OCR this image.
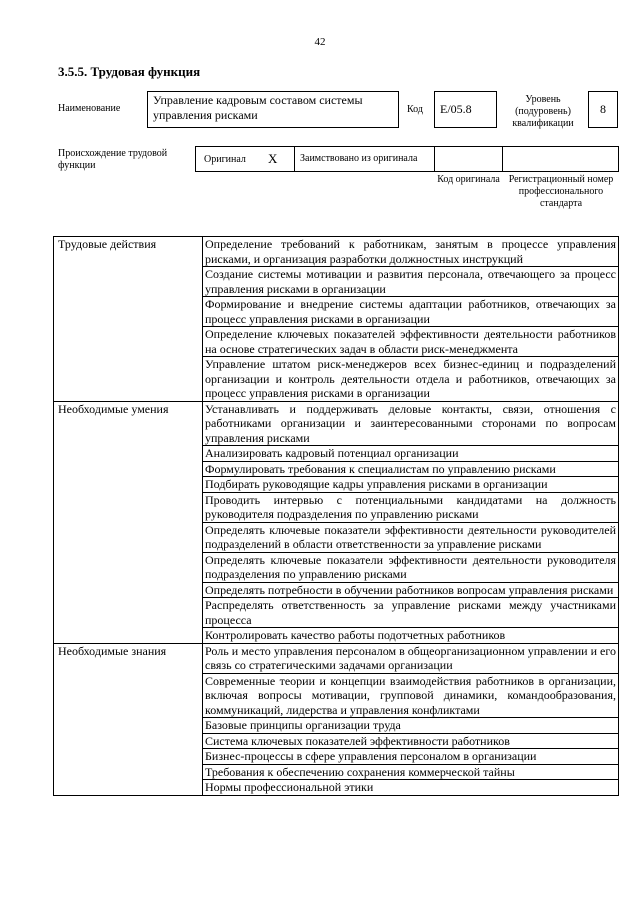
42
3.5.5. Трудовая функция
Наименование
Управление кадровым составом системы управления рисками	Код	E/05.8
Уровень (подуровень) квалификации
8
Происхождение трудовой функции
Оригинал X	Заимствовано из оригинала
Код оригинала Регистрационный номер профессионального стандарта
Трудовые действия	Определение требований к работникам, занятым в процессе управления рисками, и организация разработки должностных инструкций
	Создание системы мотивации и развития персонала, отвечающего за процесс управления рисками в организации
	Формирование и внедрение системы адаптации работников, отвечающих за процесс управления рисками в организации
	Определение ключевых показателей эффективности деятельности работников на основе стратегических задач в области риск-менеджмента
	Управление штатом риск-менеджеров всех бизнес-единиц и подразделений организации и контроль деятельности отдела и работников, отвечающих за процесс управления рисками в организации
Необходимые умения	Устанавливать и поддерживать деловые контакты, связи, отношения с работниками организации и заинтересованными сторонами по вопросам управления рисками
	Анализировать кадровый потенциал организации
	Формулировать требования к специалистам по управлению рисками
	Подбирать руководящие кадры управления рисками в организации
	Проводить интервью с потенциальными кандидатами на должность руководителя подразделения по управлению рисками
	Определять ключевые показатели эффективности деятельности руководителей подразделений в области ответственности за управление рисками
	Определять ключевые показатели эффективности деятельности руководителя подразделения по управлению рисками
	Определять потребности в обучении работников вопросам управления рисками
	Распределять ответственность за управление рисками между участниками процесса
	Контролировать качество работы подотчетных работников
Необходимые знания	Роль и место управления персоналом в общеорганизационном управлении и его связь со стратегическими задачами организации
	Современные теории и концепции взаимодействия работников в организации, включая вопросы мотивации, групповой динамики, командообразования, коммуникаций, лидерства и управления конфликтами
	Базовые принципы организации труда
	Система ключевых показателей эффективности работников
	Бизнес-процессы в сфере управления персоналом в организации
	Требования к обеспечению сохранения коммерческой тайны
	Нормы профессиональной этики
